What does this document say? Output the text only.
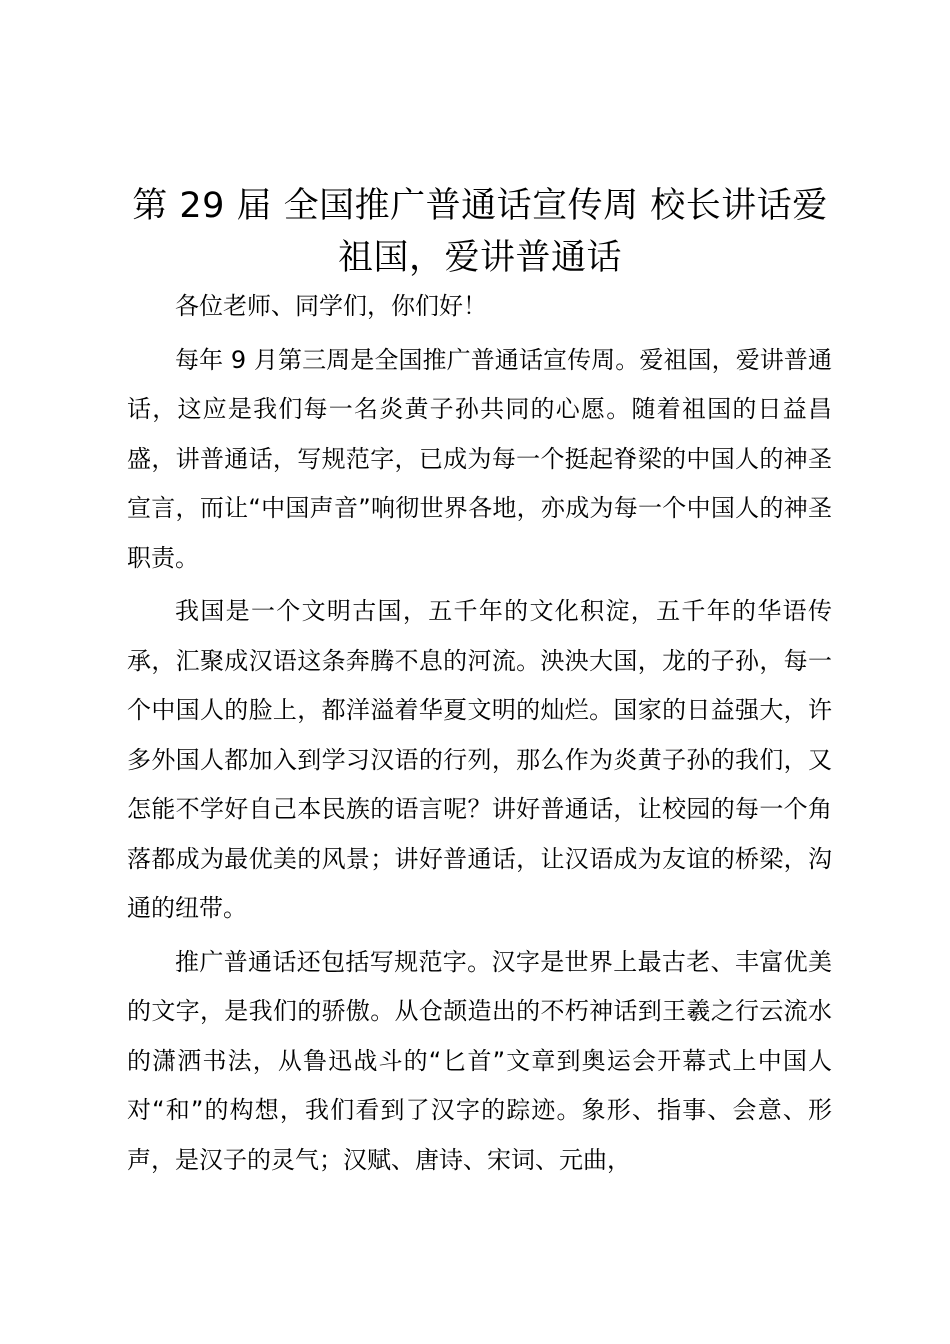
第 29 届 全国推广普通话宣传周 校长讲话爱祖国，爱讲普通话

各位老师、同学们，你们好！

每年 9 月第三周是全国推广普通话宣传周。爱祖国，爱讲普通话，这应是我们每一名炎黄子孙共同的心愿。随着祖国的日益昌盛，讲普通话，写规范字，已成为每一个挺起脊梁的中国人的神圣宣言，而让“中国声音”响彻世界各地，亦成为每一个中国人的神圣职责。

我国是一个文明古国，五千年的文化积淀，五千年的华语传承，汇聚成汉语这条奔腾不息的河流。泱泱大国，龙的子孙，每一个中国人的脸上，都洋溢着华夏文明的灿烂。国家的日益强大，许多外国人都加入到学习汉语的行列，那么作为炎黄子孙的我们，又怎能不学好自己本民族的语言呢？讲好普通话，让校园的每一个角落都成为最优美的风景；讲好普通话，让汉语成为友谊的桥梁，沟通的纽带。

推广普通话还包括写规范字。汉字是世界上最古老、丰富优美的文字，是我们的骄傲。从仓颉造出的不朽神话到王羲之行云流水的潇洒书法，从鲁迅战斗的“匕首”文章到奥运会开幕式上中国人对“和”的构想，我们看到了汉字的踪迹。象形、指事、会意、形声，是汉子的灵气；汉赋、唐诗、宋词、元曲，
